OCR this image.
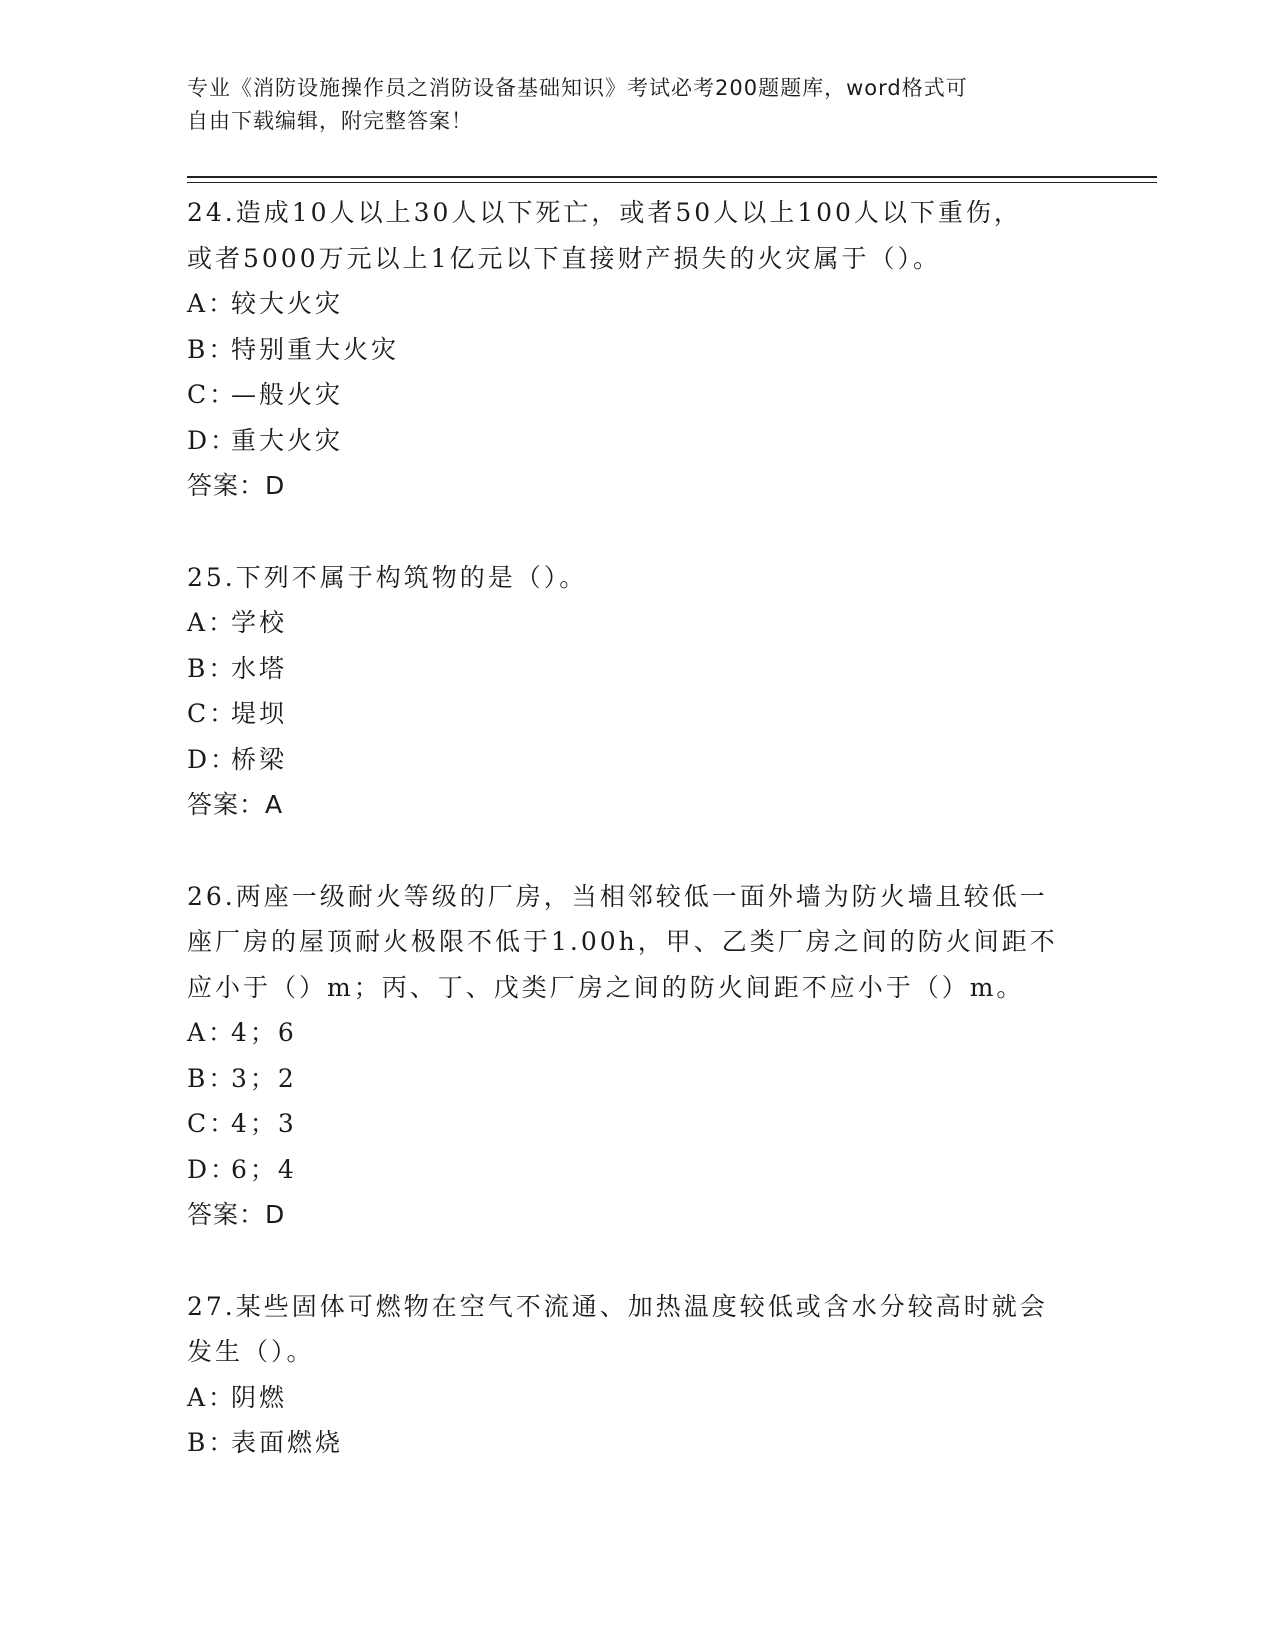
专业《消防设施操作员之消防设备基础知识》考试必考200题题库，word格式可
自由下载编辑，附完整答案！
24.造成10人以上30人以下死亡，或者50人以上100人以下重伤，
或者5000万元以上1亿元以下直接财产损失的火灾属于（）。
A：较大火灾
B：特别重大火灾
C：—般火灾
D：重大火灾
答案：D
25.下列不属于构筑物的是（）。
A：学校
B：水塔
C：堤坝
D：桥梁
答案：A
26.两座一级耐火等级的厂房，当相邻较低一面外墙为防火墙且较低一
座厂房的屋顶耐火极限不低于1.00h，甲、乙类厂房之间的防火间距不
应小于（）m；丙、丁、戊类厂房之间的防火间距不应小于（）m。
A：4；6
B：3；2
C：4；3
D：6；4
答案：D
27.某些固体可燃物在空气不流通、加热温度较低或含水分较高时就会
发生（）。
A：阴燃
B：表面燃烧
